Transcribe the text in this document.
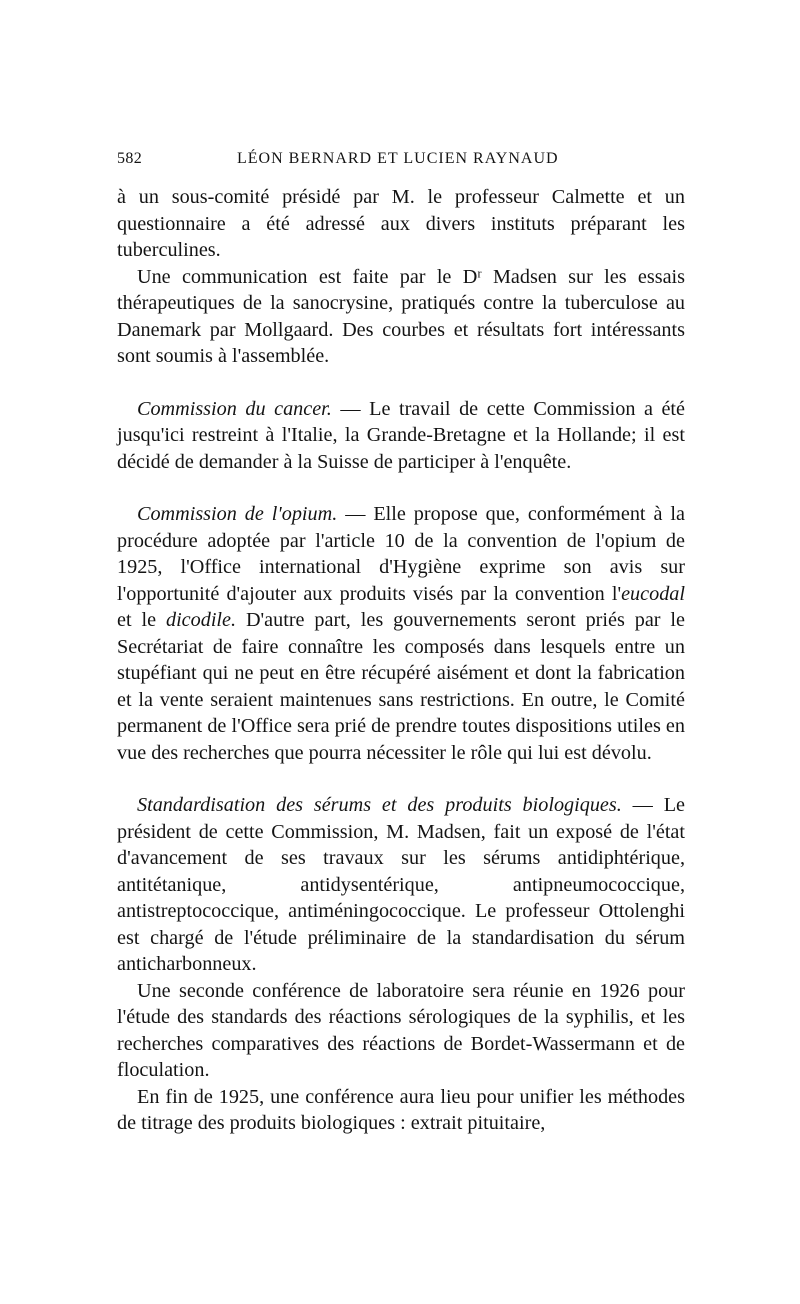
582	LÉON BERNARD ET LUCIEN RAYNAUD

à un sous-comité présidé par M. le professeur Calmette et un questionnaire a été adressé aux divers instituts préparant les tuberculines.

Une communication est faite par le Dʳ Madsen sur les essais thérapeutiques de la sanocrysine, pratiqués contre la tuberculose au Danemark par Mollgaard. Des courbes et résultats fort intéressants sont soumis à l'assemblée.

Commission du cancer. — Le travail de cette Commission a été jusqu'ici restreint à l'Italie, la Grande-Bretagne et la Hollande; il est décidé de demander à la Suisse de participer à l'enquête.

Commission de l'opium. — Elle propose que, conformément à la procédure adoptée par l'article 10 de la convention de l'opium de 1925, l'Office international d'Hygiène exprime son avis sur l'opportunité d'ajouter aux produits visés par la convention l'eucodal et le dicodile. D'autre part, les gouvernements seront priés par le Secrétariat de faire connaître les composés dans lesquels entre un stupéfiant qui ne peut en être récupéré aisément et dont la fabrication et la vente seraient maintenues sans restrictions. En outre, le Comité permanent de l'Office sera prié de prendre toutes dispositions utiles en vue des recherches que pourra nécessiter le rôle qui lui est dévolu.

Standardisation des sérums et des produits biologiques. — Le président de cette Commission, M. Madsen, fait un exposé de l'état d'avancement de ses travaux sur les sérums antidiphtérique, antitétanique, antidysentérique, antipneumococcique, antistreptococcique, antiméningococcique. Le professeur Ottolenghi est chargé de l'étude préliminaire de la standardisation du sérum anticharbonneux.

Une seconde conférence de laboratoire sera réunie en 1926 pour l'étude des standards des réactions sérologiques de la syphilis, et les recherches comparatives des réactions de Bordet-Wassermann et de floculation.

En fin de 1925, une conférence aura lieu pour unifier les méthodes de titrage des produits biologiques : extrait pituitaire,
